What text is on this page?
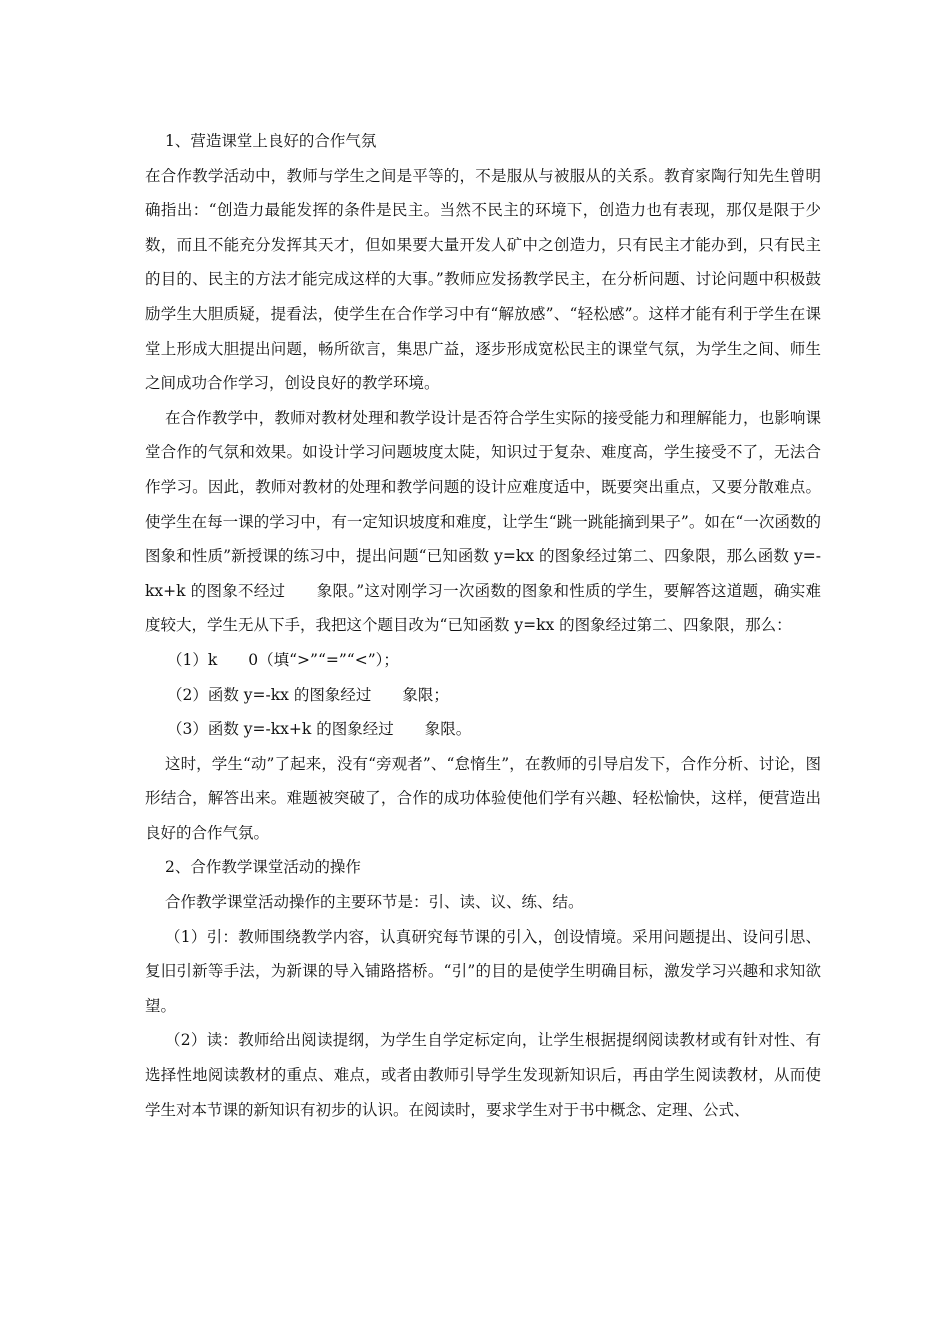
1、营造课堂上良好的合作气氛

在合作教学活动中，教师与学生之间是平等的，不是服从与被服从的关系。教育家陶行知先生曾明确指出：“创造力最能发挥的条件是民主。当然不民主的环境下，创造力也有表现，那仅是限于少数，而且不能充分发挥其天才，但如果要大量开发人矿中之创造力，只有民主才能办到，只有民主的目的、民主的方法才能完成这样的大事。”教师应发扬教学民主，在分析问题、讨论问题中积极鼓励学生大胆质疑，提看法，使学生在合作学习中有“解放感”、“轻松感”。这样才能有利于学生在课堂上形成大胆提出问题，畅所欲言，集思广益，逐步形成宽松民主的课堂气氛，为学生之间、师生之间成功合作学习，创设良好的教学环境。

在合作教学中，教师对教材处理和教学设计是否符合学生实际的接受能力和理解能力，也影响课堂合作的气氛和效果。如设计学习问题坡度太陡，知识过于复杂、难度高，学生接受不了，无法合作学习。因此，教师对教材的处理和教学问题的设计应难度适中，既要突出重点，又要分散难点。使学生在每一课的学习中，有一定知识坡度和难度，让学生“跳一跳能摘到果子”。如在“一次函数的图象和性质”新授课的练习中，提出问题“已知函数 y=kx 的图象经过第二、四象限，那么函数 y=-kx+k 的图象不经过　　象限。”这对刚学习一次函数的图象和性质的学生，要解答这道题，确实难度较大，学生无从下手，我把这个题目改为“已知函数 y=kx 的图象经过第二、四象限，那么：

（1）k　　0（填“>”“=”“<”）；

（2）函数 y=-kx 的图象经过　　象限；

（3）函数 y=-kx+k 的图象经过　　象限。

这时，学生“动”了起来，没有“旁观者”、“怠惰生”，在教师的引导启发下，合作分析、讨论，图形结合，解答出来。难题被突破了，合作的成功体验使他们学有兴趣、轻松愉快，这样，便营造出良好的合作气氛。

2、合作教学课堂活动的操作

合作教学课堂活动操作的主要环节是：引、读、议、练、结。

（1）引：教师围绕教学内容，认真研究每节课的引入，创设情境。采用问题提出、设问引思、复旧引新等手法，为新课的导入铺路搭桥。“引”的目的是使学生明确目标，激发学习兴趣和求知欲望。

（2）读：教师给出阅读提纲，为学生自学定标定向，让学生根据提纲阅读教材或有针对性、有选择性地阅读教材的重点、难点，或者由教师引导学生发现新知识后，再由学生阅读教材，从而使学生对本节课的新知识有初步的认识。在阅读时，要求学生对于书中概念、定理、公式、
